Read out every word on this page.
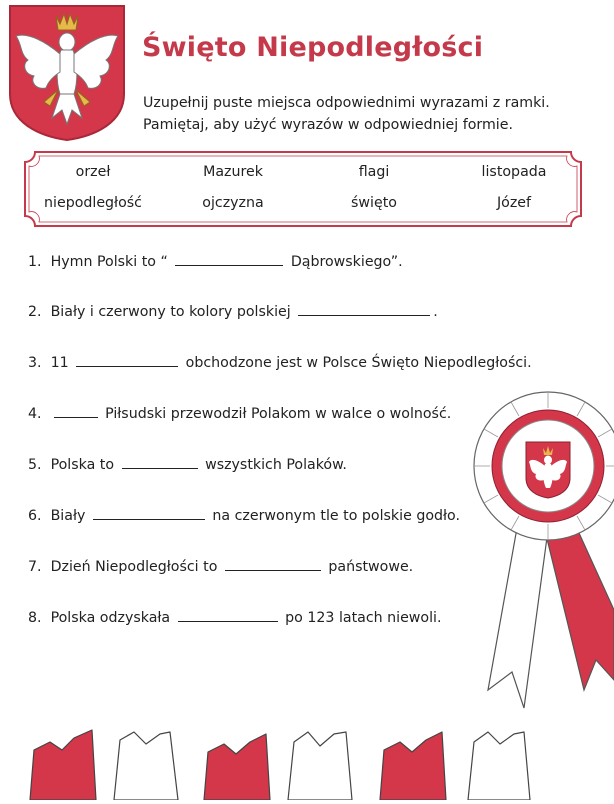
Święto Niepodległości
Uzupełnij puste miejsca odpowiednimi wyrazami z ramki.
Pamiętaj, aby użyć wyrazów w odpowiedniej formie.
orzeł	Mazurek	flagi	listopada
niepodległość	ojczyzna	święto	Józef
1. Hymn Polski to “	Dąbrowskiego”.
2. Biały i czerwony to kolory polskiej	.
3. 11	obchodzone jest w Polsce Święto Niepodległości.
4.	Piłsudski przewodził Polakom w walce o wolność.
5. Polska to	wszystkich Polaków.
6. Biały	na czerwonym tle to polskie godło.
7. Dzień Niepodległości to	państwowe.
8. Polska odzyskała	po 123 latach niewoli.
